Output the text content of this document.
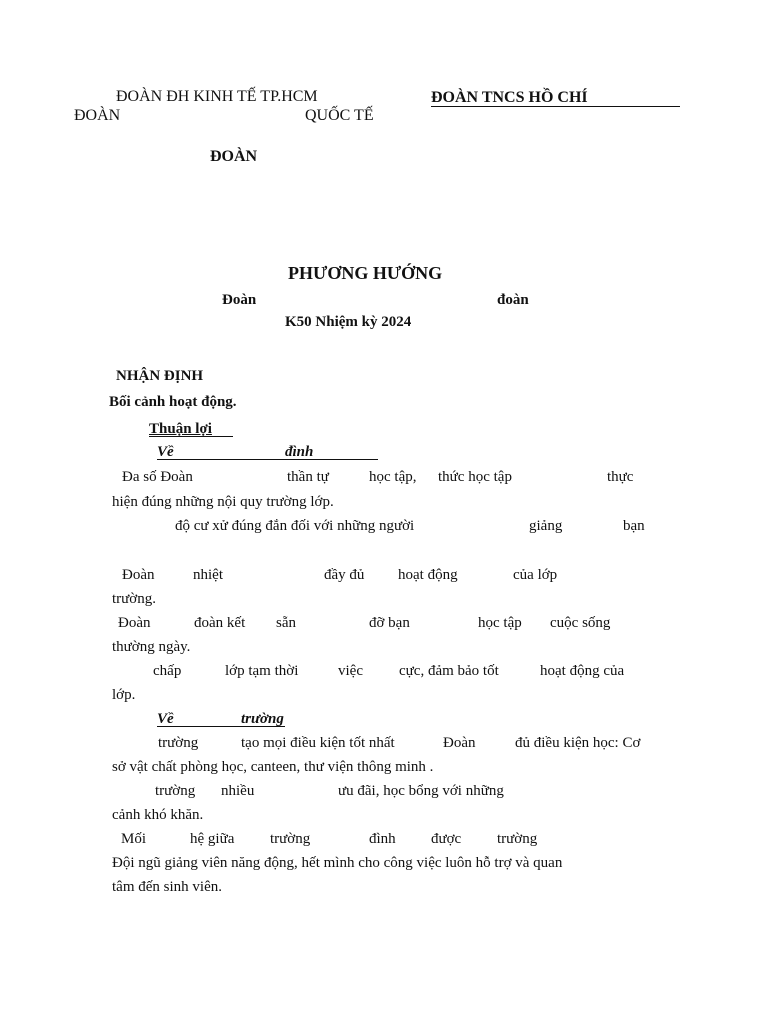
ĐOÀN ĐH KINH TẾ TP.HCM
ĐOÀN	QUỐC TẾ
ĐOÀN TNCS HỒ CHÍ
ĐOÀN
PHƯƠNG HƯỚNG
Đoàn	đoàn
K50 Nhiệm kỳ 2024
NHẬN ĐỊNH
Bối cảnh hoạt động.
Thuận lợi
Về	đình
Đa số Đoàn	thần tự	học tập, thức học tập	thực
hiện đúng những nội quy trường lớp.
độ cư xử đúng đắn đối với những người	giảng	bạn
Đoàn	nhiệt	đầy đủ hoạt động	của lớp
trường.
Đoàn	đoàn kết sẵn	đỡ bạn	học tập cuộc sống
thường ngày.
chấp	lớp tạm thời	việc cực, đảm bảo tốt	hoạt động của
lớp.
Về	trường
trường	tạo mọi điều kiện tốt nhất	Đoàn	đủ điều kiện học: Cơ
sở vật chất phòng học, canteen, thư viện thông minh .
trường nhiều	ưu đãi, học bổng với những
cảnh khó khăn.
Mối	hệ giữa trường	đình được trường
Đội ngũ giảng viên năng động, hết mình cho công việc luôn hỗ trợ và quan
tâm đến sinh viên.
